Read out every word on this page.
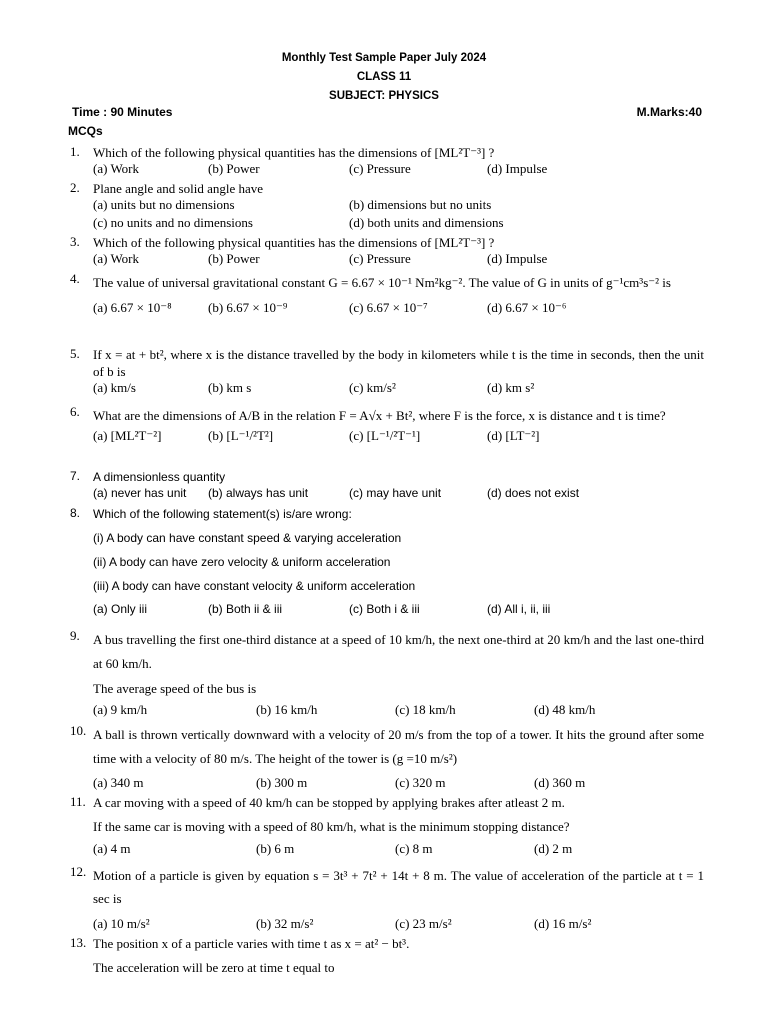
Monthly Test Sample Paper July 2024
CLASS 11
SUBJECT: PHYSICS
Time : 90 Minutes	M.Marks:40
MCQs
1.	Which of the following physical quantities has the dimensions of [ML²T⁻³] ?
(a) Work	(b) Power	(c) Pressure	(d) Impulse
2.	Plane angle and solid angle have
(a) units but no dimensions	(b) dimensions but no units
(c) no units and no dimensions	(d) both units and dimensions
3.	Which of the following physical quantities has the dimensions of [ML²T⁻³] ?
(a) Work	(b) Power	(c) Pressure	(d) Impulse
4.	The value of universal gravitational constant G = 6.67 × 10⁻¹ Nm²kg⁻². The value of G in units of g⁻¹cm³s⁻² is
(a) 6.67 × 10⁻⁸	(b) 6.67 × 10⁻⁹	(c) 6.67 × 10⁻⁷	(d) 6.67 × 10⁻⁶
5.	If x = at + bt², where x is the distance travelled by the body in kilometers while t is the time in seconds, then the unit of b is
(a) km/s	(b) km s	(c) km/s²	(d) km s²
6.	What are the dimensions of A/B in the relation F = A√x + Bt², where F is the force, x is distance and t is time?
(a) [ML²T⁻²]	(b) [L⁻¹/²T²]	(c) [L⁻¹/²T⁻¹]	(d) [LT⁻²]
7.	A dimensionless quantity
(a) never has unit (b) always has unit	(c) may have unit	(d) does not exist
8.	Which of the following statement(s) is/are wrong:
(i) A body can have constant speed & varying acceleration
(ii) A body can have zero velocity & uniform acceleration
(iii) A body can have constant velocity & uniform acceleration
(a) Only iii	(b) Both ii & iii	(c) Both i & iii	(d) All i, ii, iii
9.	A bus travelling the first one-third distance at a speed of 10 km/h, the next one-third at 20 km/h and the last one-third at 60 km/h.
The average speed of the bus is
(a) 9 km/h	(b) 16 km/h	(c) 18 km/h	(d) 48 km/h
10. A ball is thrown vertically downward with a velocity of 20 m/s from the top of a tower. It hits the ground after some time with a velocity of 80 m/s. The height of the tower is (g =10 m/s²)
(a) 340 m	(b) 300 m	(c) 320 m	(d) 360 m
11. A car moving with a speed of 40 km/h can be stopped by applying brakes after atleast 2 m.
If the same car is moving with a speed of 80 km/h, what is the minimum stopping distance?
(a) 4 m	(b) 6 m	(c) 8 m	(d) 2 m
12. Motion of a particle is given by equation s = 3t³ + 7t² + 14t + 8 m. The value of acceleration of the particle at t = 1 sec is
(a) 10 m/s²	(b) 32 m/s²	(c) 23 m/s²	(d) 16 m/s²
13. The position x of a particle varies with time t as x = at² − bt³.
The acceleration will be zero at time t equal to
